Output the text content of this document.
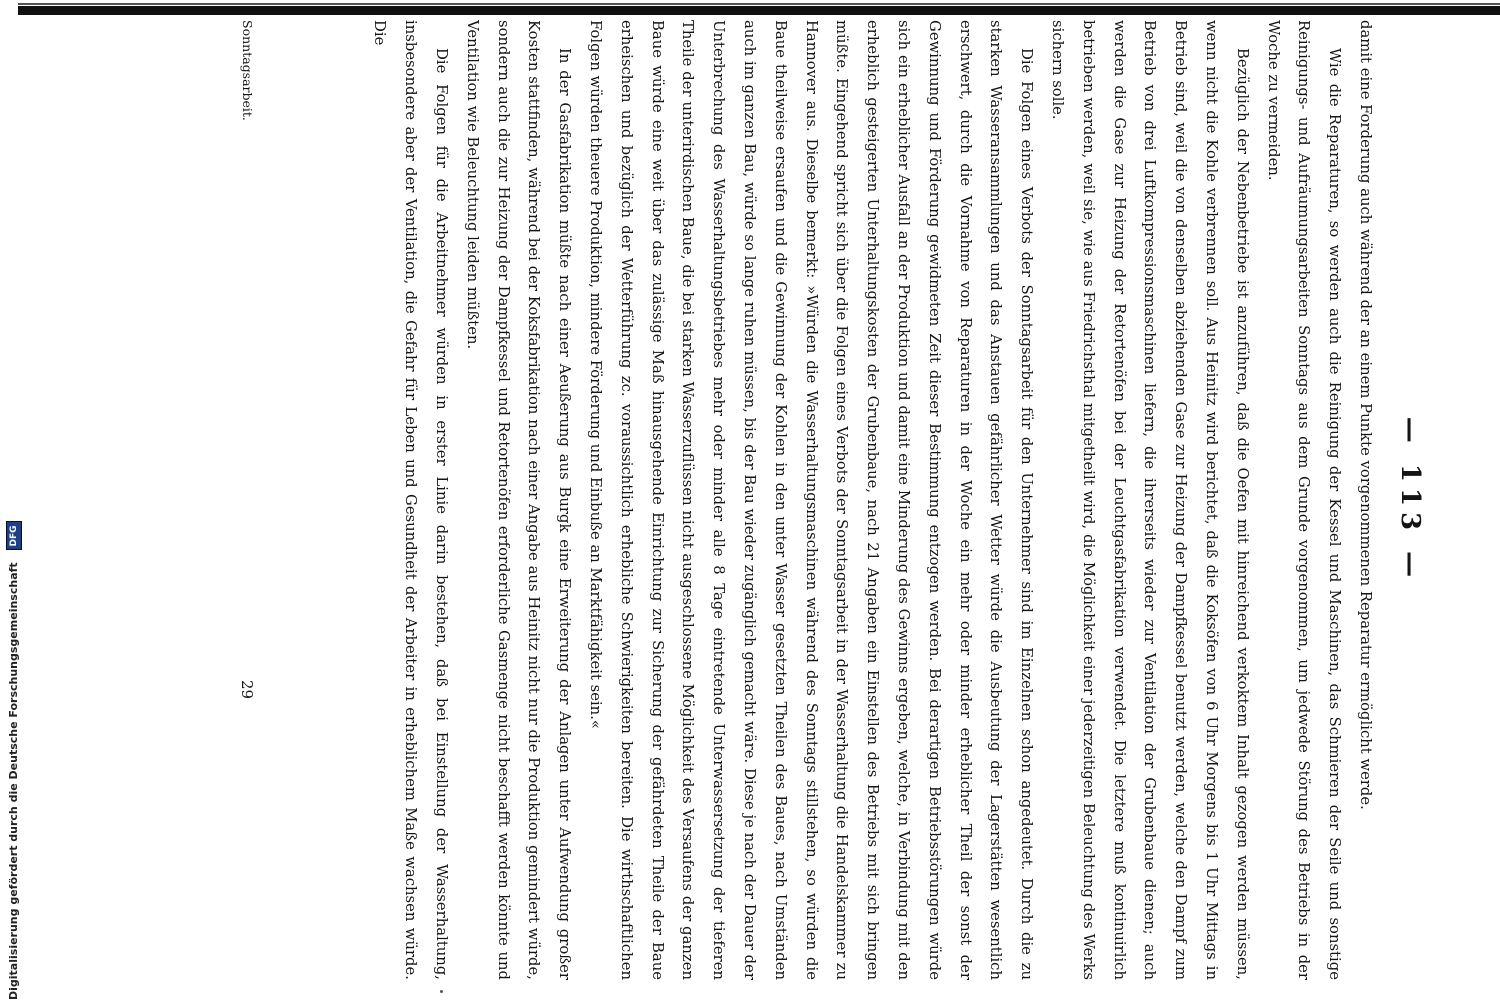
— 113 —

damit eine Forderung auch während der an einem Punkte vorgenommenen Reparatur ermöglicht werde.

Wie die Reparaturen, so werden auch die Reinigung der Kessel und Maschinen, das Schmieren der Seile und sonstige Reinigungs- und Aufräumungsarbeiten Sonntags aus dem Grunde vorgenommen, um jedwede Störung des Betriebs in der Woche zu vermeiden.

Bezüglich der Nebenbetriebe ist anzuführen, daß die Oefen mit hinreichend verkoktem Inhalt gezogen werden müssen, wenn nicht die Kohle verbrennen soll. Aus Heinitz wird berichtet, daß die Koksöfen von 6 Uhr Morgens bis 1 Uhr Mittags in Betrieb sind, weil die von denselben abziehenden Gase zur Heizung der Dampfkessel benutzt werden, welche den Dampf zum Betrieb von drei Luftkompressionsmaschinen liefern, die ihrerseits wieder zur Ventilation der Grubenbaue dienen; auch werden die Gase zur Heizung der Retortenöfen bei der Leuchtgasfabrikation verwendet. Die letztere muß kontinuirlich betrieben werden, weil sie, wie aus Friedrichsthal mitgetheilt wird, die Möglichkeit einer jederzeitigen Beleuchtung des Werks sichern solle.

Die Folgen eines Verbots der Sonntagsarbeit für den Unternehmer sind im Einzelnen schon angedeutet. Durch die zu starken Wasseransammlungen und das Anstauen gefährlicher Wetter würde die Ausbeutung der Lagerstätten wesentlich erschwert, durch die Vornahme von Reparaturen in der Woche ein mehr oder minder erheblicher Theil der sonst der Gewinnung und Förderung gewidmeten Zeit dieser Bestimmung entzogen werden. Bei derartigen Betriebsstörungen würde sich ein erheblicher Ausfall an der Produktion und damit eine Minderung des Gewinns ergeben, welche, in Verbindung mit den erheblich gesteigerten Unterhaltungskosten der Grubenbaue, nach 21 Angaben ein Einstellen des Betriebs mit sich bringen müßte. Eingehend spricht sich über die Folgen eines Verbots der Sonntagsarbeit in der Wasserhaltung die Handelskammer zu Hannover aus. Dieselbe bemerkt: »Würden die Wasserhaltungsmaschinen während des Sonntags stillstehen, so würden die Baue theilweise ersaufen und die Gewinnung der Kohlen in den unter Wasser gesetzten Theilen des Baues, nach Umständen auch im ganzen Bau, würde so lange ruhen müssen, bis der Bau wieder zugänglich gemacht wäre. Diese je nach der Dauer der Unterbrechung des Wasserhaltungsbetriebes mehr oder minder alle 8 Tage eintretende Unterwassersetzung der tieferen Theile der unterirdischen Baue, die bei starken Wasserzuflüssen nicht ausgeschlossene Möglichkeit des Versaufens der ganzen Baue würde eine weit über das zulässige Maß hinausgehende Einrichtung zur Sicherung der gefährdeten Theile der Baue erheischen und bezüglich der Wetterführung zc. voraussichtlich erhebliche Schwierigkeiten bereiten. Die wirthschaftlichen Folgen würden theuere Produktion, mindere Förderung und Einbuße an Marktfähigkeit sein.«

In der Gasfabrikation müßte nach einer Aeußerung aus Burgk eine Erweiterung der Anlagen unter Aufwendung großer Kosten stattfinden, während bei der Koksfabrikation nach einer Angabe aus Heinitz nicht nur die Produktion gemindert würde, sondern auch die zur Heizung der Dampfkessel und Retortenöfen erforderliche Gasmenge nicht beschafft werden könnte und Ventilation wie Beleuchtung leiden müßten.

Die Folgen für die Arbeitnehmer würden in erster Linie darin bestehen, daß bei Einstellung der Wasserhaltung, insbesondere aber der Ventilation, die Gefahr für Leben und Gesundheit der Arbeiter in erheblichem Maße wachsen würde. Die

Sonntagsarbeit.
29
Digitalisierung gefördert durch die Deutsche Forschungsgemeinschaft DFG
